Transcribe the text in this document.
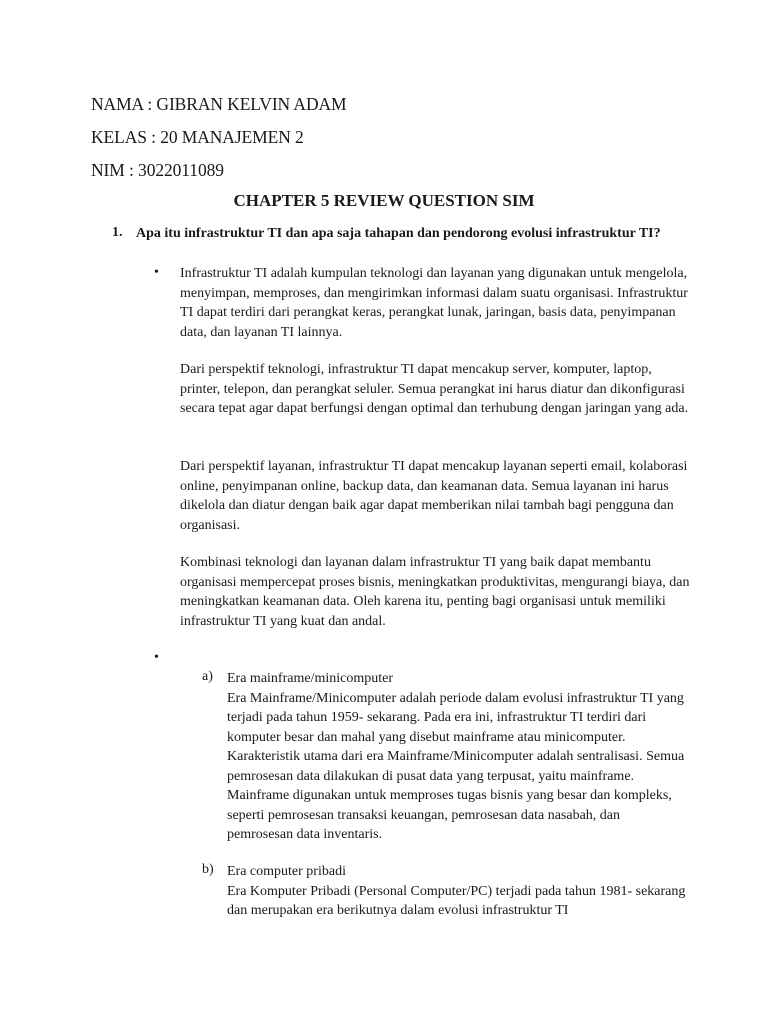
NAMA : GIBRAN KELVIN ADAM
KELAS : 20 MANAJEMEN 2
NIM : 3022011089
CHAPTER 5 REVIEW QUESTION SIM
1. Apa itu infrastruktur TI dan apa saja tahapan dan pendorong evolusi infrastruktur TI?
• Infrastruktur TI adalah kumpulan teknologi dan layanan yang digunakan untuk mengelola, menyimpan, memproses, dan mengirimkan informasi dalam suatu organisasi. Infrastruktur TI dapat terdiri dari perangkat keras, perangkat lunak, jaringan, basis data, penyimpanan data, dan layanan TI lainnya.

Dari perspektif teknologi, infrastruktur TI dapat mencakup server, komputer, laptop, printer, telepon, dan perangkat seluler. Semua perangkat ini harus diatur dan dikonfigurasi secara tepat agar dapat berfungsi dengan optimal dan terhubung dengan jaringan yang ada.

Dari perspektif layanan, infrastruktur TI dapat mencakup layanan seperti email, kolaborasi online, penyimpanan online, backup data, dan keamanan data. Semua layanan ini harus dikelola dan diatur dengan baik agar dapat memberikan nilai tambah bagi pengguna dan organisasi.

Kombinasi teknologi dan layanan dalam infrastruktur TI yang baik dapat membantu organisasi mempercepat proses bisnis, meningkatkan produktivitas, mengurangi biaya, dan meningkatkan keamanan data. Oleh karena itu, penting bagi organisasi untuk memiliki infrastruktur TI yang kuat dan andal.

•
a) Era mainframe/minicomputer
Era Mainframe/Minicomputer adalah periode dalam evolusi infrastruktur TI yang terjadi pada tahun 1959- sekarang. Pada era ini, infrastruktur TI terdiri dari komputer besar dan mahal yang disebut mainframe atau minicomputer. Karakteristik utama dari era Mainframe/Minicomputer adalah sentralisasi. Semua pemrosesan data dilakukan di pusat data yang terpusat, yaitu mainframe. Mainframe digunakan untuk memproses tugas bisnis yang besar dan kompleks, seperti pemrosesan transaksi keuangan, pemrosesan data nasabah, dan pemrosesan data inventaris.
b) Era computer pribadi
Era Komputer Pribadi (Personal Computer/PC) terjadi pada tahun 1981- sekarang dan merupakan era berikutnya dalam evolusi infrastruktur TI
